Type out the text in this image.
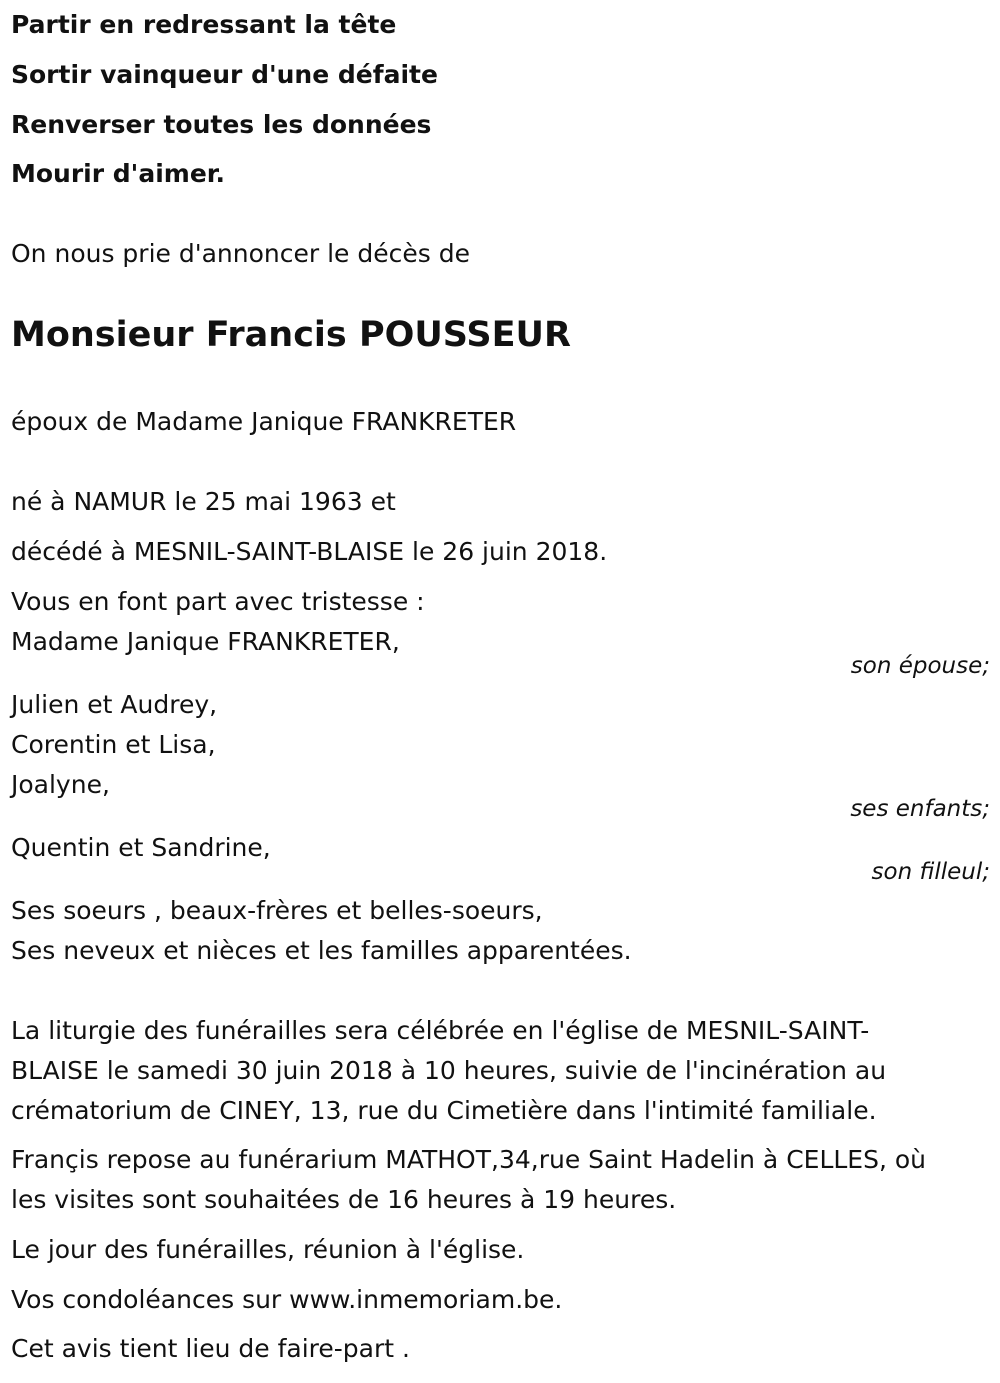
Partir en redressant la tête
Sortir vainqueur d'une défaite
Renverser toutes les données
Mourir d'aimer.
On nous prie d'annoncer le décès de
Monsieur Francis POUSSEUR
époux de Madame Janique FRANKRETER
né à NAMUR le 25 mai 1963 et
décédé à MESNIL-SAINT-BLAISE le 26 juin 2018.
Vous en font part avec tristesse :
Madame Janique FRANKRETER,
son épouse;
Julien et Audrey,
Corentin et Lisa,
Joalyne,
ses enfants;
Quentin et Sandrine,
son filleul;
Ses soeurs , beaux-frères et belles-soeurs,
Ses neveux et nièces et les familles apparentées.
La liturgie des funérailles sera célébrée en l'église de MESNIL-SAINT-
BLAISE le samedi 30 juin 2018 à 10 heures, suivie de l'incinération au
crématorium de CINEY, 13, rue du Cimetière dans l'intimité familiale.
Françis repose au funérarium MATHOT,34,rue Saint Hadelin à CELLES, où
les visites sont souhaitées de 16 heures à 19 heures.
Le jour des funérailles, réunion à l'église.
Vos condoléances sur www.inmemoriam.be.
Cet avis tient lieu de faire-part .
